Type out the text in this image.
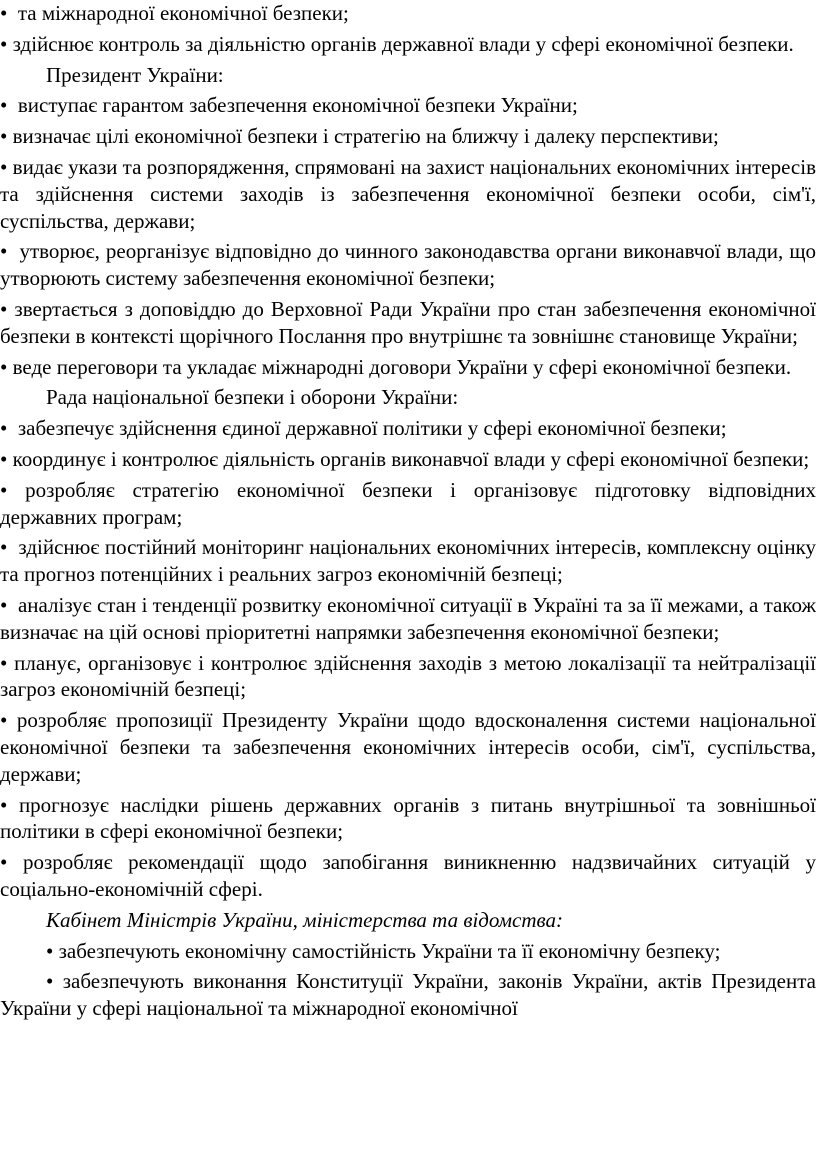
• та міжнародної економічної безпеки;

• здійснює контроль за діяльністю органів державної влади у сфері економічної безпеки.

Президент України:

• виступає гарантом забезпечення економічної безпеки України;

• визначає цілі економічної безпеки і стратегію на ближчу і далеку перспективи;

• видає укази та розпорядження, спрямовані на захист національних економічних інтересів та здійснення системи заходів із забезпечення економічної безпеки особи, сім'ї, суспільства, держави;

• утворює, реорганізує відповідно до чинного законодавства органи виконавчої влади, що утворюють систему забезпечення економічної безпеки;

• звертається з доповіддю до Верховної Ради України про стан забезпечення економічної безпеки в контексті щорічного Послання про внутрішнє та зовнішнє становище України;

• веде переговори та укладає міжнародні договори України у сфері економічної безпеки.

Рада національної безпеки і оборони України:

• забезпечує здійснення єдиної державної політики у сфері економічної безпеки;

• координує і контролює діяльність органів виконавчої влади у сфері економічної безпеки;

• розробляє стратегію економічної безпеки і організовує підготовку відповідних державних програм;

• здійснює постійний моніторинг національних економічних інтересів, комплексну оцінку та прогноз потенційних і реальних загроз економічній безпеці;

• аналізує стан і тенденції розвитку економічної ситуації в Україні та за її межами, а також визначає на цій основі пріоритетні напрямки забезпечення економічної безпеки;

• планує, організовує і контролює здійснення заходів з метою локалізації та нейтралізації загроз економічній безпеці;

• розробляє пропозиції Президенту України щодо вдосконалення системи національної економічної безпеки та забезпечення економічних інтересів особи, сім'ї, суспільства, держави;

• прогнозує наслідки рішень державних органів з питань внутрішньої та зовнішньої політики в сфері економічної безпеки;

• розробляє рекомендації щодо запобігання виникненню надзвичайних ситуацій у соціально-економічній сфері.

Кабінет Міністрів України, міністерства та відомства:

• забезпечують економічну самостійність України та її економічну безпеку;

• забезпечують виконання Конституції України, законів України, актів Президента України у сфері національної та міжнародної економічної
